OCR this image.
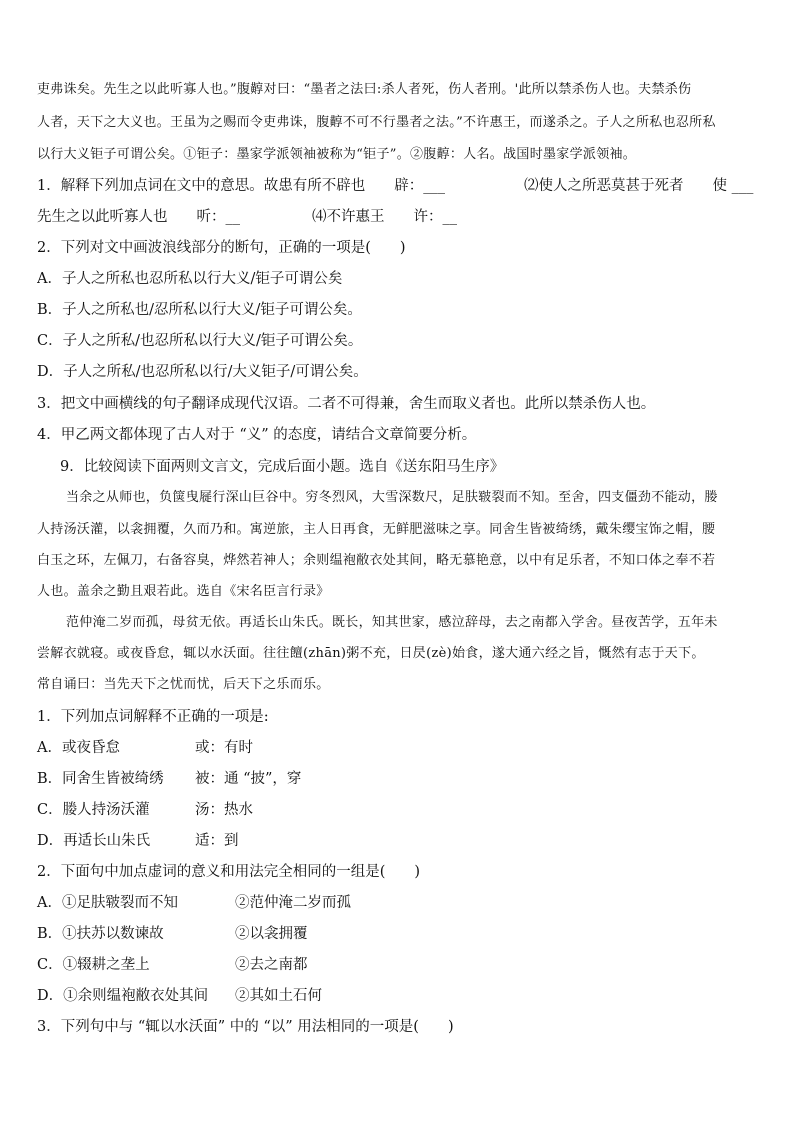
吏弗诛矣。先生之以此听寡人也。”腹䵍对曰：“墨者之法曰:杀人者死，伤人者刑。'此所以禁杀伤人也。夫禁杀伤
人者，天下之大义也。王虽为之赐而令吏弗诛，腹䵍不可不行墨者之法。”不许惠王，而遂杀之。子人之所私也忍所私
以行大义钜子可谓公矣。①钜子：墨家学派领袖被称为“钜子”。②腹䵍：人名。战国时墨家学派领袖。
1．解释下列加点词在文中的意思。故患有所不辟也　　辟：___	⑵使人之所恶莫甚于死者　　使 ___
先生之以此听寡人也　　听：__	⑷不许惠王　　许：__
2．下列对文中画波浪线部分的断句，正确的一项是(　　)
A．子人之所私也忍所私以行大义/钜子可谓公矣
B．子人之所私也/忍所私以行大义/钜子可谓公矣。
C．子人之所私/也忍所私以行大义/钜子可谓公矣。
D．子人之所私/也忍所私以行/大义钜子/可谓公矣。
3．把文中画横线的句子翻译成现代汉语。二者不可得兼，舍生而取义者也。此所以禁杀伤人也。
4．甲乙两文都体现了古人对于 “义” 的态度，请结合文章简要分析。
9．比较阅读下面两则文言文，完成后面小题。选自《送东阳马生序》
当余之从师也，负箧曳屣行深山巨谷中。穷冬烈风，大雪深数尺，足肤皲裂而不知。至舍，四支僵劲不能动，媵
人持汤沃灌，以衾拥覆，久而乃和。寓逆旅，主人日再食，无鲜肥滋味之享。同舍生皆被绮绣，戴朱缨宝饰之帽，腰
白玉之环，左佩刀，右备容臭，烨然若神人；余则缊袍敝衣处其间，略无慕艳意，以中有足乐者，不知口体之奉不若
人也。盖余之勤且艰若此。选自《宋名臣言行录》
范仲淹二岁而孤，母贫无依。再适长山朱氏。既长，知其世家，感泣辞母，去之南都入学舍。昼夜苦学，五年未
尝解衣就寝。或夜昏怠，辄以水沃面。往往饘(zhān)粥不充，日昃(zè)始食，遂大通六经之旨，慨然有志于天下。
常自诵曰：当先天下之忧而忧，后天下之乐而乐。
1．下列加点词解释不正确的一项是:
A．或夜昏怠	或：有时
B．同舍生皆被绮绣 被：通 “披”，穿
C．媵人持汤沃灌	汤：热水
D．再适长山朱氏	适：到
2．下面句中加点虚词的意义和用法完全相同的一组是(　　)
A．①足肤皲裂而不知	②范仲淹二岁而孤
B．①扶苏以数谏故	②以衾拥覆
C．①辍耕之垄上	②去之南都
D．①余则缊袍敝衣处其间 ②其如土石何
3．下列句中与 “辄以水沃面” 中的 “以” 用法相同的一项是(　　)
